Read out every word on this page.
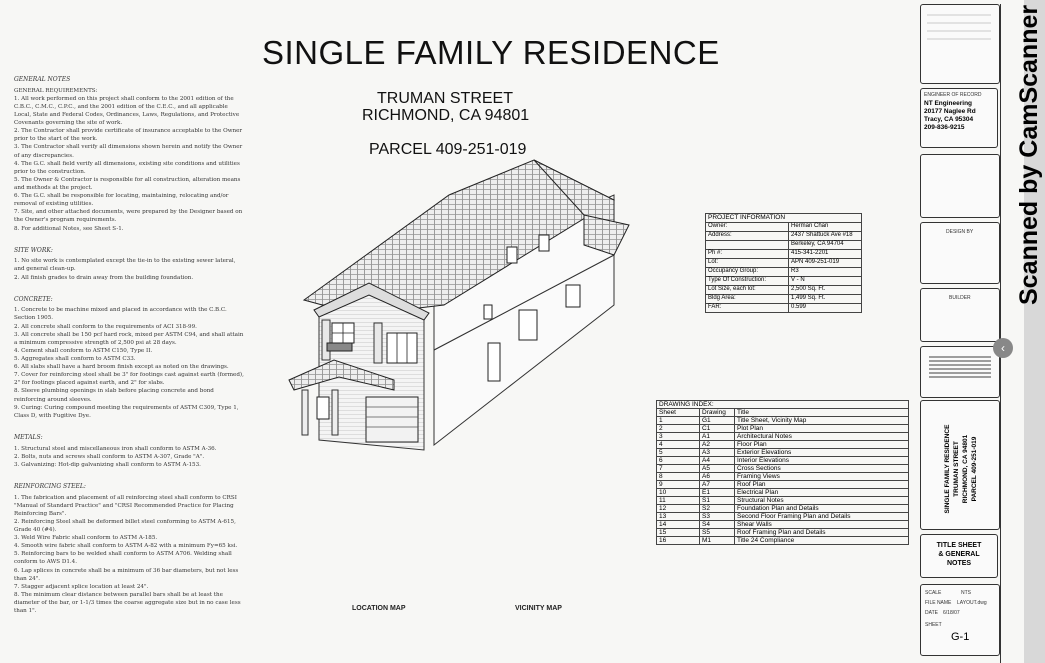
SINGLE FAMILY RESIDENCE
TRUMAN STREET
RICHMOND, CA 94801
PARCEL 409-251-019
GENERAL NOTES
GENERAL REQUIREMENTS:
1. All work performed on this project shall conform to the 2001 edition of the C.B.C., C.M.C., C.P.C., and the 2001 edition of the C.E.C., and all applicable Local, State and Federal Codes, Ordinances, Laws, Regulations, and Protective Covenants governing the site of work.
2. The Contractor shall provide certificate of insurance acceptable to the Owner prior to the start of the work.
3. The Contractor shall verify all dimensions shown herein and notify the Owner of any discrepancies.
4. The G.C. shall field verify all dimensions, existing site conditions and utilities prior to the construction.
5. The Owner & Contractor is responsible for all construction, alteration means and methods at the project.
6. The G.C. shall be responsible for locating, maintaining, relocating and/or removal of existing utilities.
7. Site, and other attached documents, were prepared by the Designer based on the Owner's program requirements.
8. For additional Notes, see Sheet S-1.
SITE WORK:
1. No site work is contemplated except the tie-in to the existing sewer lateral, and general clean-up.
2. All finish grades to drain away from the building foundation.
CONCRETE:
1. Concrete to be machine mixed and placed in accordance with the C.B.C. Section 1905.
2. All concrete shall conform to the requirements of ACI 318-99.
3. All concrete shall be 150 pcf hard rock, mixed per ASTM C94, and shall attain a minimum compressive strength of 2,500 psi at 28 days.
4. Cement shall conform to ASTM C150, Type II.
5. Aggregates shall conform to ASTM C33.
6. All slabs shall have a hard broom finish except as noted on the drawings.
7. Cover for reinforcing steel shall be 3" for footings cast against earth (formed), 2" for footings placed against earth, and 2" for slabs.
8. Sleeve plumbing openings in slab before placing concrete and bond reinforcing around sleeves.
9. Curing: Curing compound meeting the requirements of ASTM C309, Type 1, Class D, with Fugitive Dye.
METALS:
1. Structural steel and miscellaneous iron shall conform to ASTM A-36.
2. Bolts, nuts and screws shall conform to ASTM A-307, Grade "A".
3. Galvanizing: Hot-dip galvanizing shall conform to ASTM A-153.
REINFORCING STEEL:
1. The fabrication and placement of all reinforcing steel shall conform to CRSI "Manual of Standard Practice" and "CRSI Recommended Practice for Placing Reinforcing Bars".
2. Reinforcing Steel shall be deformed billet steel conforming to ASTM A-615, Grade 40 (#4).
3. Weld Wire Fabric shall conform to ASTM A-185.
4. Smooth wire fabric shall conform to ASTM A-82 with a minimum Fy=65 ksi.
5. Reinforcing bars to be welded shall conform to ASTM A706. Welding shall conform to AWS D1.4.
6. Lap splices in concrete shall be a minimum of 36 bar diameters, but not less than 24".
7. Stagger adjacent splice location at least 24".
8. The minimum clear distance between parallel bars shall be at least the diameter of the bar, or 1-1/3 times the coarse aggregate size but in no case less than 1".
PROJECT INFORMATION	
Owner:	Herman Chan
Address:	2437 Shattuck Ave #18
	Berkeley, CA 94704
Ph #:	415-341-2201
Lot:	APN 409-251-019
Occupancy Group:	R3
Type Of Construction:	V - N
Lot Size, each lot:	2,500 Sq. Ft.
Bldg Area:	1,499 Sq. Ft.
FAR:	0.599
DRAWING INDEX:		
Sheet	Drawing	Title
1	G1	Title Sheet, Vicinity Map
2	C1	Plot Plan
3	A1	Architectural Notes
4	A2	Floor Plan
5	A3	Exterior Elevations
6	A4	Interior Elevations
7	A5	Cross Sections
8	A6	Framing Views
9	A7	Roof Plan
10	E1	Electrical Plan
11	S1	Structural Notes
12	S2	Foundation Plan and Details
13	S3	Second Floor Framing Plan and Details
14	S4	Shear Walls
15	S5	Roof Framing Plan and Details
16	M1	Title 24 Compliance
LOCATION MAP	VICINITY MAP
ENGINEER OF RECORD
NT Engineering
20177 Naglee Rd
Tracy, CA 95304
209-836-9215
DESIGN BY
BUILDER
SINGLE FAMILY RESIDENCE TRUMAN STREET RICHMOND, CA 94801 PARCEL 409-251-019
TITLE SHEET
& GENERAL
NOTES
SCALE	NTS
FILE NAME LAYOUT.dwg
DATE 6/18/07
SHEET
G-1
Scanned by CamScanner
‹
